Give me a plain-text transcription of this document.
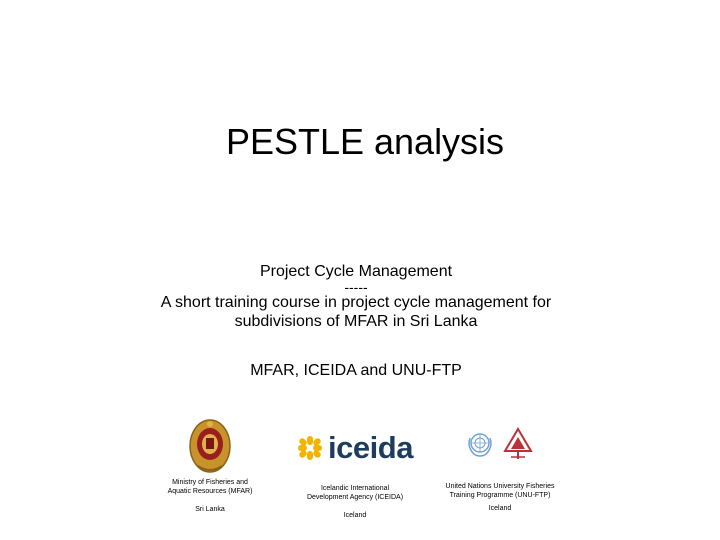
PESTLE analysis
Project Cycle Management
-----
A short training course in project cycle management for
subdivisions of MFAR in Sri Lanka
MFAR, ICEIDA and UNU-FTP
Ministry of Fisheries and
Aquatic Resources (MFAR)
Sri Lanka
iceida
Icelandic International
Development Agency (ICEIDA)
Iceland
United Nations University Fisheries
Training Programme (UNU-FTP)
Iceland
